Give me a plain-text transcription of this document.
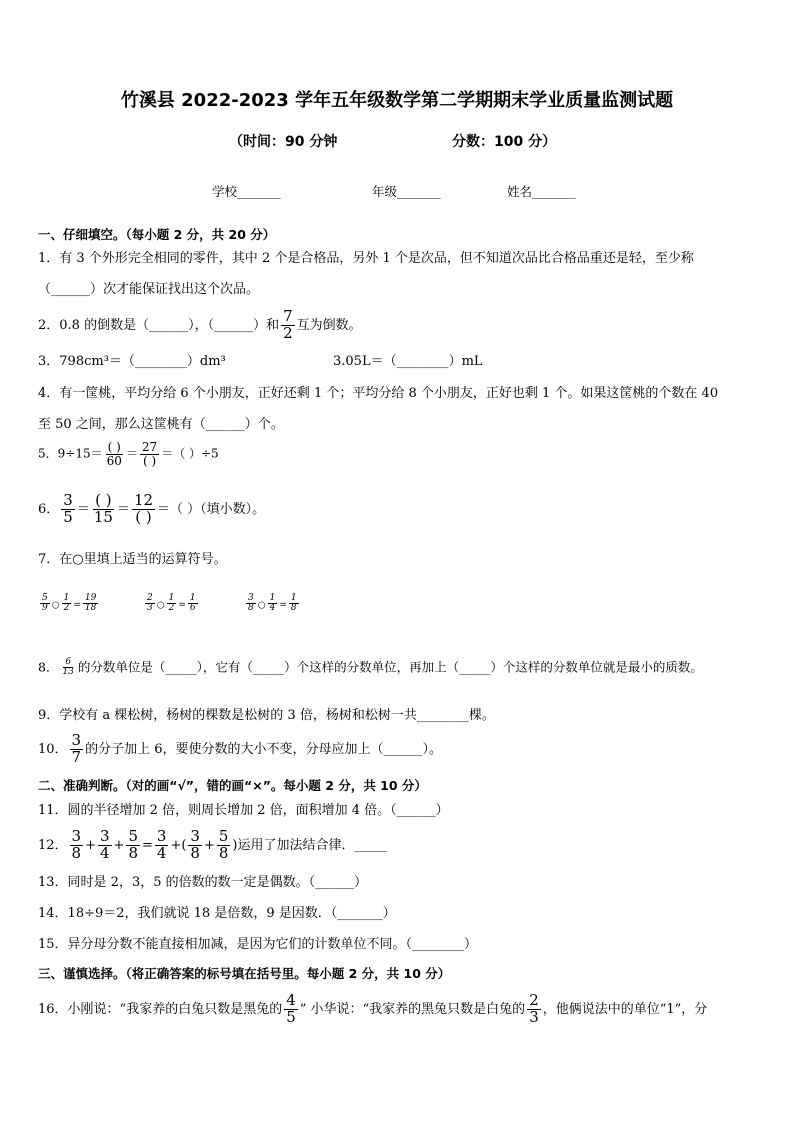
竹溪县 2022-2023 学年五年级数学第二学期期末学业质量监测试题
（时间：90 分钟	分数：100 分）
学校_______	年级_______	姓名_______
一、仔细填空。（每小题 2 分，共 20 分）
1．有 3 个外形完全相同的零件，其中 2 个是合格品，另外 1 个是次品，但不知道次品比合格品重还是轻，至少称
（______）次才能保证找出这个次品。
2．0.8 的倒数是（______），（______）和 $\frac{7}{2}$ 互为倒数。
3．798cm³＝（________）dm³	3.05L＝（________）mL
4．有一筐桃，平均分给 6 个小朋友，正好还剩 1 个；平均分给 8 个小朋友，正好也剩 1 个。如果这筐桃的个数在 40
至 50 之间，那么这筐桃有（______）个。
5．$9\div 15= \frac{( )}{60} = \frac{27}{( )}$ ＝（ ）÷5
6． $\frac{3}{5} = \frac{( )}{15} = \frac{12}{( )}$ ＝（ ）（填小数）。
7．在○里填上适当的运算符号。
$\frac{5}{9}$ ○ $\frac{1}{2} = \frac{19}{18}$	$\frac{2}{3}$ ○ $\frac{1}{2} = \frac{1}{6}$	$\frac{3}{8}$ ○ $\frac{1}{4} = \frac{1}{8}$
8． $\frac{6}{13}$ 的分数单位是（_____），它有（_____）个这样的分数单位，再加上（_____）个这样的分数单位就是最小的质数。
9．学校有 a 棵松树，杨树的棵数是松树的 3 倍，杨树和松树一共________棵。
10． $\frac{3}{7}$ 的分子加上 6，要使分数的大小不变，分母应加上（______）。
二、准确判断。（对的画“√”，错的画“×”。每小题 2 分，共 10 分）
11．圆的半径增加 2 倍，则周长增加 2 倍，面积增加 4 倍。（______）
12． $\frac{3}{8} + \frac{3}{4} + \frac{5}{8} = \frac{3}{4}$ +( $\frac{3}{8} + \frac{5}{8}$ )运用了加法结合律．_____
13．同时是 2，3，5 的倍数的数一定是偶数。（______）
14．18÷9＝2，我们就说 18 是倍数，9 是因数．（_______）
15．异分母分数不能直接相加减，是因为它们的计数单位不同。（________）
三、谨慎选择。（将正确答案的标号填在括号里。每小题 2 分，共 10 分）
16．小刚说：“我家养的白兔只数是黑兔的 $\frac{4}{5}$ ” 小华说：“我家养的黑兔只数是白兔的 $\frac{2}{3}$ ，他俩说法中的单位“1”，分
